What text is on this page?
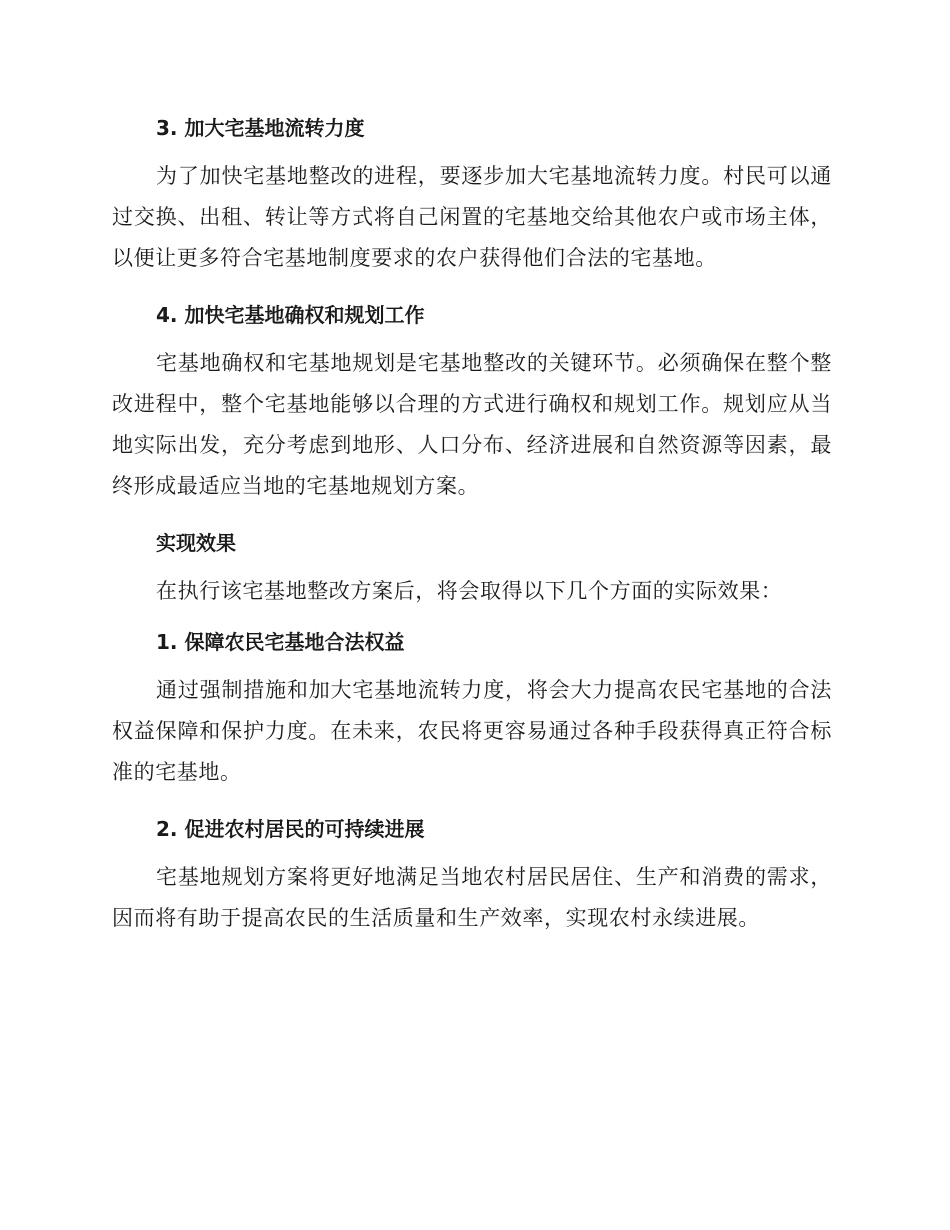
3. 加大宅基地流转力度

为了加快宅基地整改的进程，要逐步加大宅基地流转力度。村民可以通过交换、出租、转让等方式将自己闲置的宅基地交给其他农户或市场主体，以便让更多符合宅基地制度要求的农户获得他们合法的宅基地。

4. 加快宅基地确权和规划工作

宅基地确权和宅基地规划是宅基地整改的关键环节。必须确保在整个整改进程中，整个宅基地能够以合理的方式进行确权和规划工作。规划应从当地实际出发，充分考虑到地形、人口分布、经济进展和自然资源等因素，最终形成最适应当地的宅基地规划方案。

实现效果

在执行该宅基地整改方案后，将会取得以下几个方面的实际效果：

1. 保障农民宅基地合法权益

通过强制措施和加大宅基地流转力度，将会大力提高农民宅基地的合法权益保障和保护力度。在未来，农民将更容易通过各种手段获得真正符合标准的宅基地。

2. 促进农村居民的可持续进展

宅基地规划方案将更好地满足当地农村居民居住、生产和消费的需求，因而将有助于提高农民的生活质量和生产效率，实现农村永续进展。
